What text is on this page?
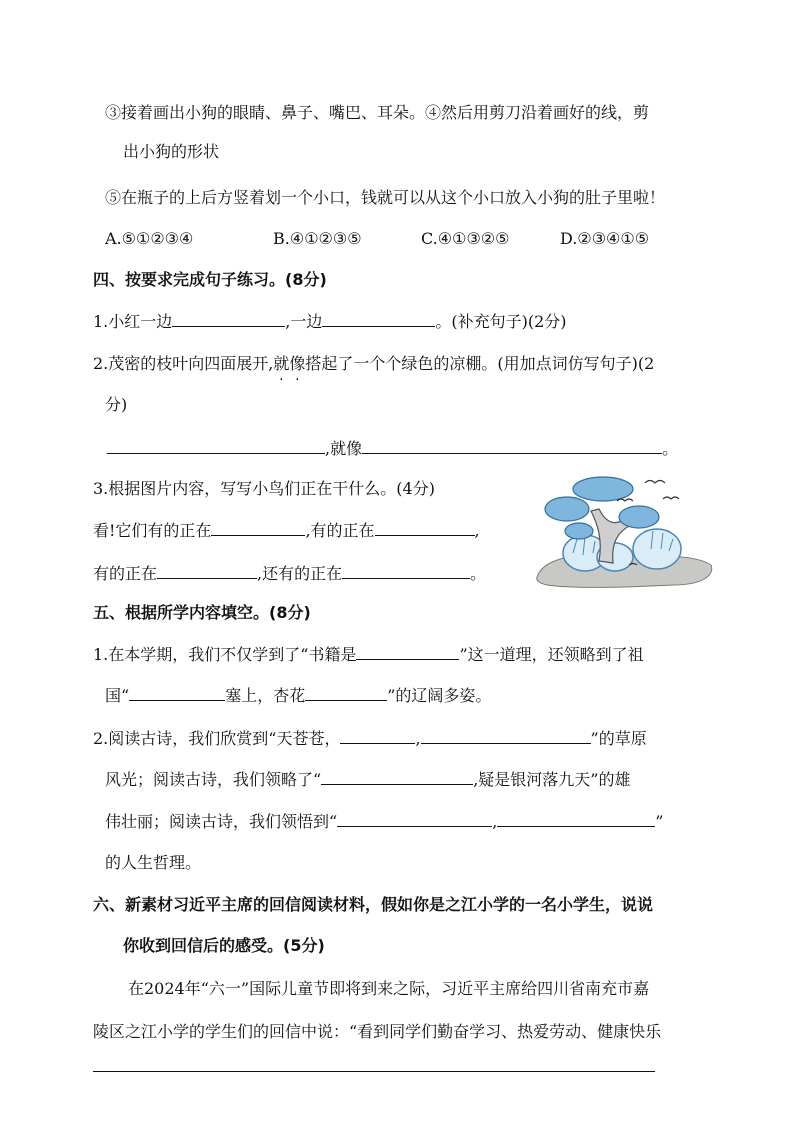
③接着画出小狗的眼睛、鼻子、嘴巴、耳朵。④然后用剪刀沿着画好的线，剪
出小狗的形状
⑤在瓶子的上后方竖着划一个小口，钱就可以从这个小口放入小狗的肚子里啦！
A.⑤①②③④	B.④①②③⑤	C.④①③②⑤	D.②③④①⑤
四、按要求完成句子练习。(8分)
1.小红一边	,一边	。(补充句子)(2分)
2.茂密的枝叶向四面展开,就像搭起了一个个绿色的凉棚。(用加点词仿写句子)(2
分)
,就像	。
3.根据图片内容，写写小鸟们正在干什么。(4分)
看!它们有的正在	,有的正在	,
有的正在	,还有的正在	。
五、根据所学内容填空。(8分)
1.在本学期，我们不仅学到了“书籍是	”这一道理，还领略到了祖
国“	塞上，杏花	”的辽阔多姿。
2.阅读古诗，我们欣赏到“天苍苍，	,	”的草原
风光；阅读古诗，我们领略了“	,疑是银河落九天”的雄
伟壮丽；阅读古诗，我们领悟到“	,	”
的人生哲理。
六、新素材习近平主席的回信阅读材料，假如你是之江小学的一名小学生，说说
你收到回信后的感受。(5分)
在2024年“六一”国际儿童节即将到来之际，习近平主席给四川省南充市嘉
陵区之江小学的学生们的回信中说：“看到同学们勤奋学习、热爱劳动、健康快乐
